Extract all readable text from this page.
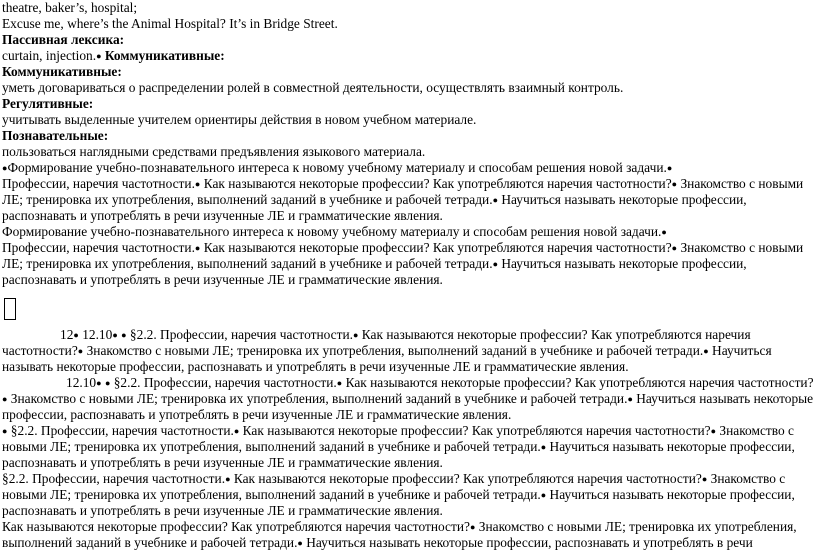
theatre, baker’s, hospital;
Excuse me, where’s the Animal Hospital? It’s in Bridge Street.
Пассивная лексика:
curtain, injection.● Коммуникативные:
Коммуникативные:
уметь договариваться о распределении ролей в совместной деятельности, осуществлять взаимный контроль.
Регулятивные:
учитывать выделенные учителем ориентиры действия в новом учебном материале.
Познавательные:
пользоваться наглядными средствами предъявления языкового материала.
●Формирование учебно-познавательного интереса к новому учебному материалу и способам решения новой задачи.●
Профессии, наречия частотности.● Как называются некоторые профессии? Как употребляются наречия частотности?● Знакомство с новыми ЛЕ; тренировка их употребления, выполнений заданий в учебнике и рабочей тетради.● Научиться называть некоторые профессии, распознавать и употреблять в речи изученные ЛЕ и грамматические явления.
Формирование учебно-познавательного интереса к новому учебному материалу и способам решения новой задачи.●
Профессии, наречия частотности.● Как называются некоторые профессии? Как употребляются наречия частотности?● Знакомство с новыми ЛЕ; тренировка их употребления, выполнений заданий в учебнике и рабочей тетради.● Научиться называть некоторые профессии, распознавать и употреблять в речи изученные ЛЕ и грамматические явления.
12● 12.10● ● §2.2. Профессии, наречия частотности.● Как называются некоторые профессии? Как употребляются наречия частотности?● Знакомство с новыми ЛЕ; тренировка их употребления, выполнений заданий в учебнике и рабочей тетради.● Научиться называть некоторые профессии, распознавать и употреблять в речи изученные ЛЕ и грамматические явления.
12.10● ● §2.2. Профессии, наречия частотности.● Как называются некоторые профессии? Как употребляются наречия частотности?● Знакомство с новыми ЛЕ; тренировка их употребления, выполнений заданий в учебнике и рабочей тетради.● Научиться называть некоторые профессии, распознавать и употреблять в речи изученные ЛЕ и грамматические явления.
● §2.2. Профессии, наречия частотности.● Как называются некоторые профессии? Как употребляются наречия частотности?● Знакомство с новыми ЛЕ; тренировка их употребления, выполнений заданий в учебнике и рабочей тетради.● Научиться называть некоторые профессии, распознавать и употреблять в речи изученные ЛЕ и грамматические явления.
§2.2. Профессии, наречия частотности.● Как называются некоторые профессии? Как употребляются наречия частотности?● Знакомство с новыми ЛЕ; тренировка их употребления, выполнений заданий в учебнике и рабочей тетради.● Научиться называть некоторые профессии, распознавать и употреблять в речи изученные ЛЕ и грамматические явления.
Как называются некоторые профессии? Как употребляются наречия частотности?● Знакомство с новыми ЛЕ; тренировка их употребления, выполнений заданий в учебнике и рабочей тетради.● Научиться называть некоторые профессии, распознавать и употреблять в речи
